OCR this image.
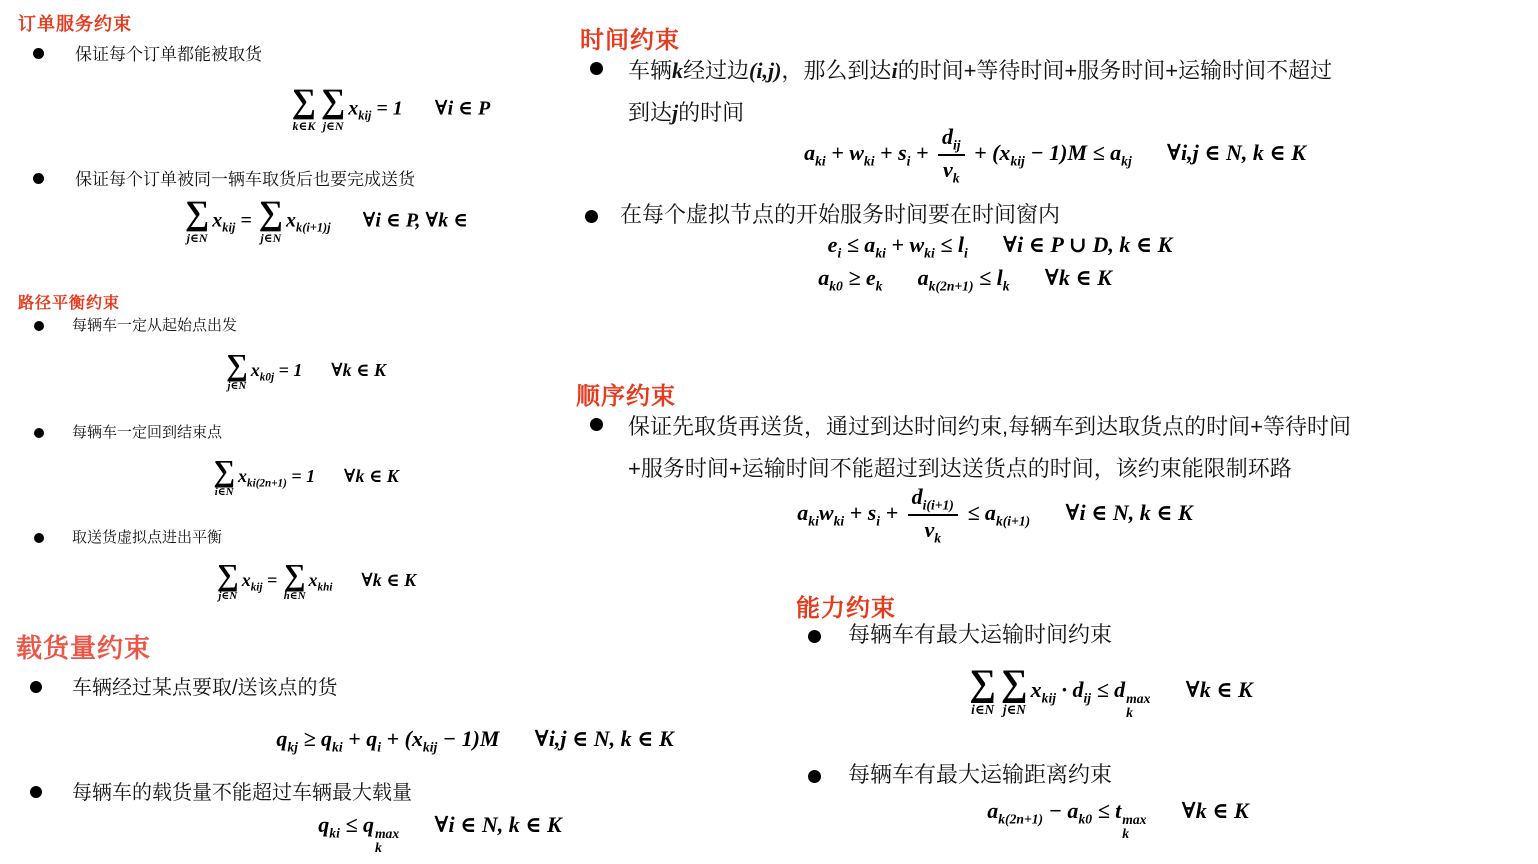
订单服务约束
保证每个订单都能被取货
∑
k∈K
∑
j∈N
$x_{kij} = 1$ ∀i ∈ P
保证每个订单被同一辆车取货后也要完成送货
∑
j∈N
$x_{kij}$ = ∑
j∈N
$x_{k(i+1)j}$ ∀i ∈ P, ∀k ∈
路径平衡约束
每辆车一定从起始点出发
∑
j∈N
$x_{k0j} = 1$ ∀k ∈ K
每辆车一定回到结束点
∑
i∈N
$x_{ki(2n+1)} = 1$ ∀k ∈ K
取送货虚拟点进出平衡
∑
j∈N
$x_{kij}$ = ∑
h∈N
$x_{khi}$ ∀k ∈ K
载货量约束
车辆经过某点要取/送该点的货
$q_{kj} \ge q_{ki} + q_i + (x_{kij} - 1)M$ ∀i,j ∈ N, k ∈ K
每辆车的载货量不能超过车辆最大载量
$q_{ki} \le q$ max
k
∀i ∈ N, k ∈ K
时间约束
车辆k经过边(i,j)，那么到达i的时间+等待时间+服务时间+运输时间不超过
到达j的时间
$a_{ki} + w_{ki} + s_i + \frac{d_{ij}}{v_k} + (x_{kij} - 1)M \le a_{kj}$ ∀i,j ∈ N, k ∈ K
在每个虚拟节点的开始服务时间要在时间窗内
$e_i \le a_{ki} + w_{ki} \le l_i$ ∀i ∈ P ∪ D, k ∈ K
$a_{k0} \ge e_k$ $a_{k(2n+1)} \le l_k$ ∀k ∈ K
顺序约束
保证先取货再送货，通过到达时间约束,每辆车到达取货点的时间+等待时间
+服务时间+运输时间不能超过到达送货点的时间，该约束能限制环路
$a_{ki}w_{ki} + s_i + \frac{d_{i(i+1)}}{v_k} \le a_{k(i+1)}$ ∀i ∈ N, k ∈ K
能力约束
每辆车有最大运输时间约束
∑
i∈N
∑
j∈N
$x_{kij} \cdot d_{ij} \le d$ max
k
∀k ∈ K
每辆车有最大运输距离约束
$a_{k(2n+1)} - a_{k0} \le t$ max
k
∀k ∈ K
